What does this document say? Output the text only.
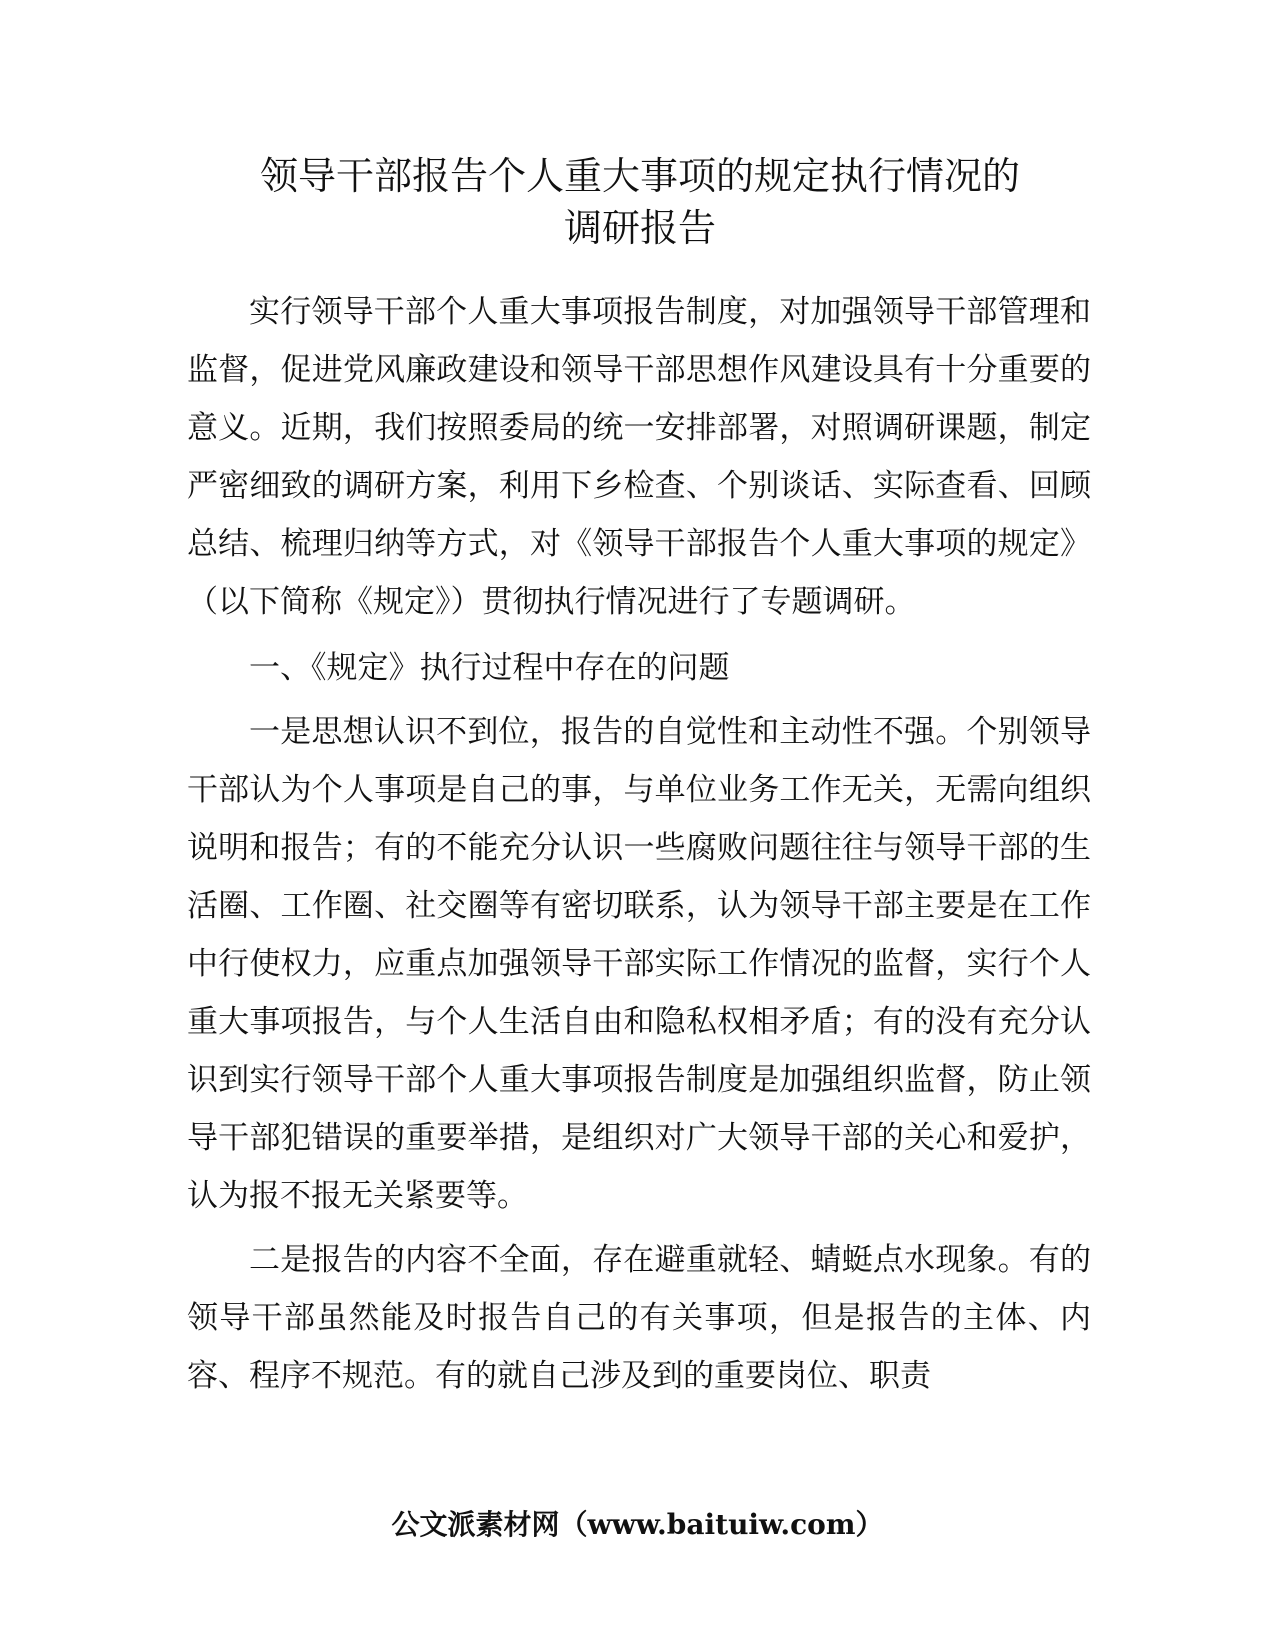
领导干部报告个人重大事项的规定执行情况的
调研报告

实行领导干部个人重大事项报告制度，对加强领导干部管理和监督，促进党风廉政建设和领导干部思想作风建设具有十分重要的意义。近期，我们按照委局的统一安排部署，对照调研课题，制定严密细致的调研方案，利用下乡检查、个别谈话、实际查看、回顾总结、梳理归纳等方式，对《领导干部报告个人重大事项的规定》（以下简称《规定》）贯彻执行情况进行了专题调研。

一、《规定》执行过程中存在的问题

一是思想认识不到位，报告的自觉性和主动性不强。个别领导干部认为个人事项是自己的事，与单位业务工作无关，无需向组织说明和报告；有的不能充分认识一些腐败问题往往与领导干部的生活圈、工作圈、社交圈等有密切联系，认为领导干部主要是在工作中行使权力，应重点加强领导干部实际工作情况的监督，实行个人重大事项报告，与个人生活自由和隐私权相矛盾；有的没有充分认识到实行领导干部个人重大事项报告制度是加强组织监督，防止领导干部犯错误的重要举措，是组织对广大领导干部的关心和爱护，认为报不报无关紧要等。

二是报告的内容不全面，存在避重就轻、蜻蜓点水现象。有的领导干部虽然能及时报告自己的有关事项，但是报告的主体、内容、程序不规范。有的就自己涉及到的重要岗位、职责

公文派素材网（www.baituiw.com）
